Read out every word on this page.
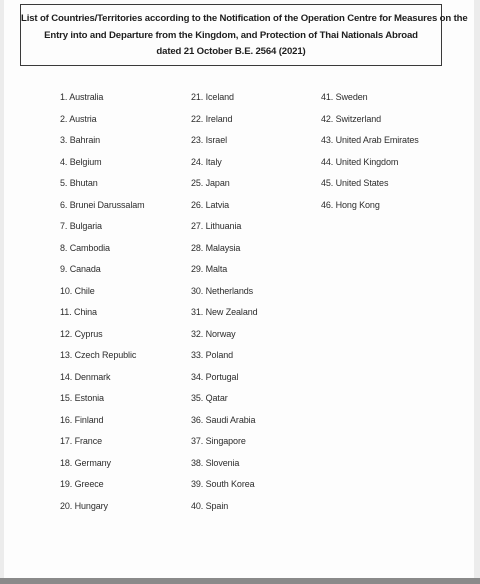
List of Countries/Territories according to the Notification of the Operation Centre for Measures on the
Entry into and Departure from the Kingdom, and Protection of Thai Nationals Abroad
dated 21 October B.E. 2564 (2021)
1. Australia
2. Austria
3. Bahrain
4. Belgium
5. Bhutan
6. Brunei Darussalam
7. Bulgaria
8. Cambodia
9. Canada
10. Chile
11. China
12. Cyprus
13. Czech Republic
14. Denmark
15. Estonia
16. Finland
17. France
18. Germany
19. Greece
20. Hungary
21. Iceland
22. Ireland
23. Israel
24. Italy
25. Japan
26. Latvia
27. Lithuania
28. Malaysia
29. Malta
30. Netherlands
31. New Zealand
32. Norway
33. Poland
34. Portugal
35. Qatar
36. Saudi Arabia
37. Singapore
38. Slovenia
39. South Korea
40. Spain
41. Sweden
42. Switzerland
43. United Arab Emirates
44. United Kingdom
45. United States
46. Hong Kong
